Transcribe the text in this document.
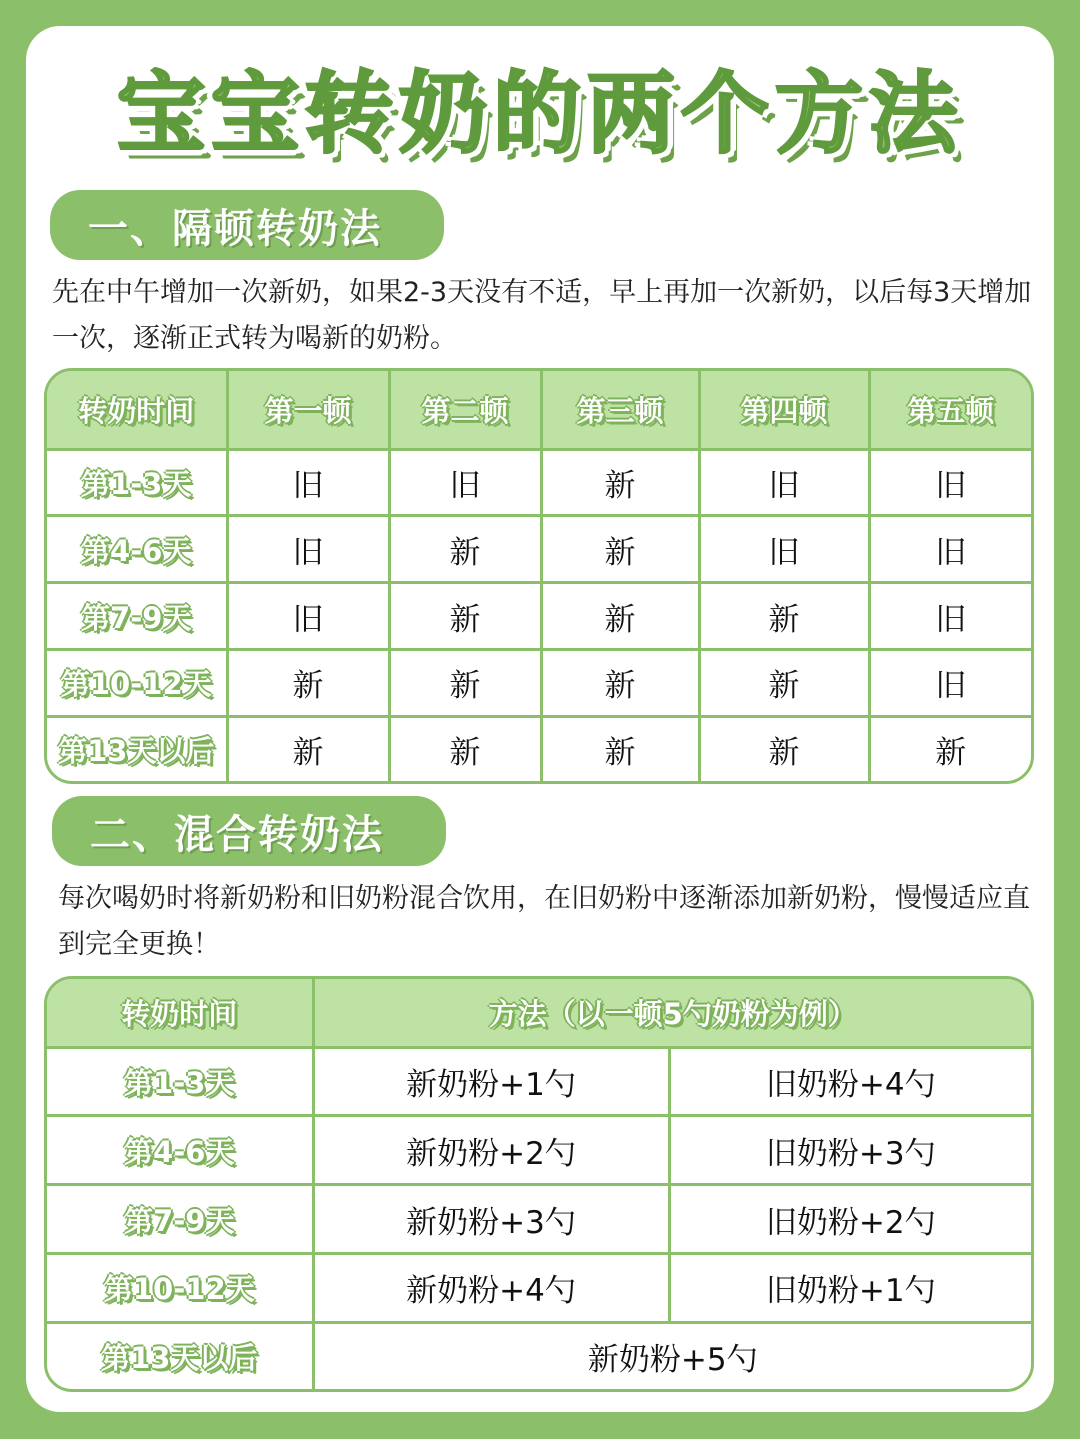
宝宝转奶的两个方法
一、隔顿转奶法

先在中午增加一次新奶，如果2-3天没有不适，早上再加一次新奶，以后每3天增加一次，逐渐正式转为喝新的奶粉。

转奶时间	第一顿	第二顿	第三顿	第四顿	第五顿
第1-3天	旧	旧	新	旧	旧
第4-6天	旧	新	新	旧	旧
第7-9天	旧	新	新	新	旧
第10-12天	新	新	新	新	旧
第13天以后	新	新	新	新	新
二、混合转奶法

每次喝奶时将新奶粉和旧奶粉混合饮用，在旧奶粉中逐渐添加新奶粉，慢慢适应直到完全更换！

转奶时间	方法（以一顿5勺奶粉为例）	
第1-3天	新奶粉+1勺	旧奶粉+4勺
第4-6天	新奶粉+2勺	旧奶粉+3勺
第7-9天	新奶粉+3勺	旧奶粉+2勺
第10-12天	新奶粉+4勺	旧奶粉+1勺
第13天以后	新奶粉+5勺	
